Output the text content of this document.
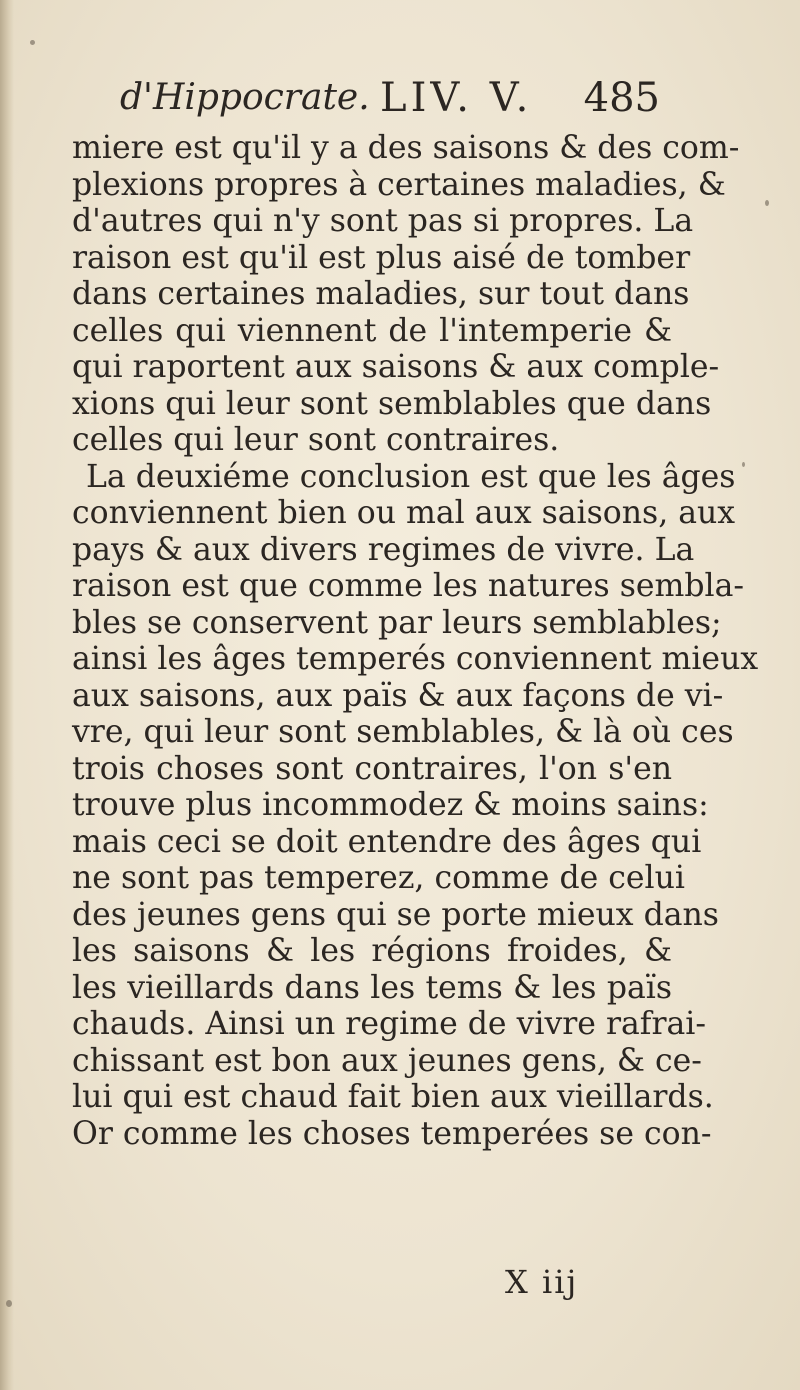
d'Hippocrate. LIV. V. 485
miere est qu'il y a des saisons & des com-
plexions propres à certaines maladies, &
d'autres qui n'y sont pas si propres. La
raison est qu'il est plus aisé de tomber
dans certaines maladies, sur tout dans
celles qui viennent de l'intemperie &
qui raportent aux saisons & aux comple-
xions qui leur sont semblables que dans
celles qui leur sont contraires.
La deuxiéme conclusion est que les âges
conviennent bien ou mal aux saisons, aux
pays & aux divers regimes de vivre. La
raison est que comme les natures sembla-
bles se conservent par leurs semblables;
ainsi les âges temperés conviennent mieux
aux saisons, aux païs & aux façons de vi-
vre, qui leur sont semblables, & là où ces
trois choses sont contraires, l'on s'en
trouve plus incommodez & moins sains:
mais ceci se doit entendre des âges qui
ne sont pas temperez, comme de celui
des jeunes gens qui se porte mieux dans
les saisons & les régions froides, &
les vieillards dans les tems & les païs
chauds. Ainsi un regime de vivre rafrai-
chissant est bon aux jeunes gens, & ce-
lui qui est chaud fait bien aux vieillards.
Or comme les choses temperées se con-
X iij
